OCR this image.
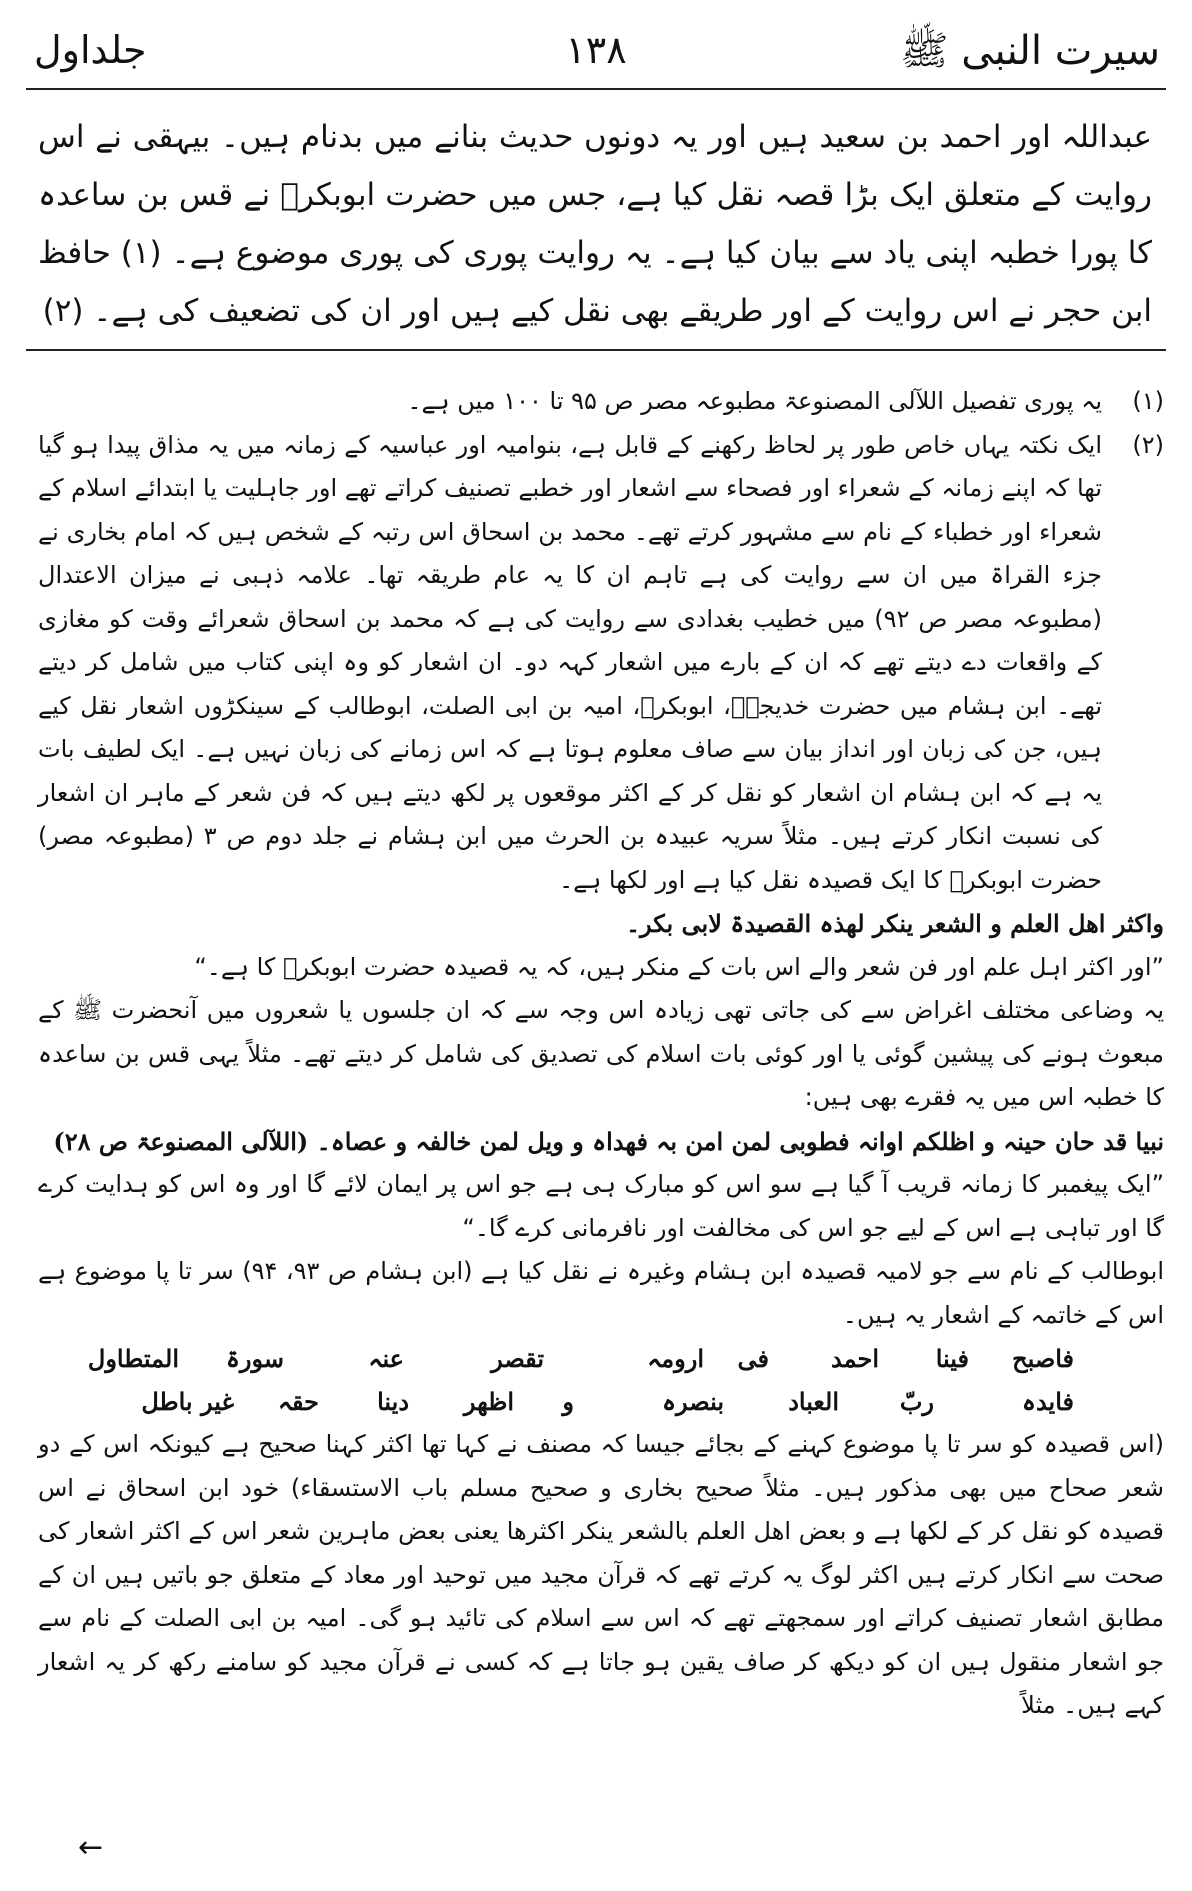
سیرت النبی ﷺ
۱۳۸
جلداول

عبداللہ اور احمد بن سعید ہیں اور یہ دونوں حدیث بنانے میں بدنام ہیں۔ بیہقی نے اس روایت کے متعلق ایک بڑا قصہ نقل کیا ہے، جس میں حضرت ابوبکرؓ نے قس بن ساعدہ کا پورا خطبہ اپنی یاد سے بیان کیا ہے۔ یہ روایت پوری کی پوری موضوع ہے۔ (۱) حافظ ابن حجر نے اس روایت کے اور طریقے بھی نقل کیے ہیں اور ان کی تضعیف کی ہے۔ (۲)

(۱)
یہ پوری تفصیل اللآلی المصنوعۃ مطبوعہ مصر ص ۹۵ تا ۱۰۰ میں ہے۔
(۲)
ایک نکتہ یہاں خاص طور پر لحاظ رکھنے کے قابل ہے، بنوامیہ اور عباسیہ کے زمانہ میں یہ مذاق پیدا ہو گیا تھا کہ اپنے زمانہ کے شعراء اور فصحاء سے اشعار اور خطبے تصنیف کراتے تھے اور جاہلیت یا ابتدائے اسلام کے شعراء اور خطباء کے نام سے مشہور کرتے تھے۔ محمد بن اسحاق اس رتبہ کے شخص ہیں کہ امام بخاری نے جزء القراۃ میں ان سے روایت کی ہے تاہم ان کا یہ عام طریقہ تھا۔ علامہ ذہبی نے میزان الاعتدال (مطبوعہ مصر ص ۹۲) میں خطیب بغدادی سے روایت کی ہے کہ محمد بن اسحاق شعرائے وقت کو مغازی کے واقعات دے دیتے تھے کہ ان کے بارے میں اشعار کہہ دو۔ ان اشعار کو وہ اپنی کتاب میں شامل کر دیتے تھے۔ ابن ہشام میں حضرت خدیجہؓ، ابوبکرؓ، امیہ بن ابی الصلت، ابوطالب کے سینکڑوں اشعار نقل کیے ہیں، جن کی زبان اور انداز بیان سے صاف معلوم ہوتا ہے کہ اس زمانے کی زبان نہیں ہے۔ ایک لطیف بات یہ ہے کہ ابن ہشام ان اشعار کو نقل کر کے اکثر موقعوں پر لکھ دیتے ہیں کہ فن شعر کے ماہر ان اشعار کی نسبت انکار کرتے ہیں۔ مثلاً سریہ عبیدہ بن الحرث میں ابن ہشام نے جلد دوم ص ۳ (مطبوعہ مصر) حضرت ابوبکرؓ کا ایک قصیدہ نقل کیا ہے اور لکھا ہے۔

واکثر اھل العلم و الشعر ینکر لھذہ القصیدۃ لابی بکر۔

”اور اکثر اہل علم اور فن شعر والے اس بات کے منکر ہیں، کہ یہ قصیدہ حضرت ابوبکرؓ کا ہے۔“

یہ وضاعی مختلف اغراض سے کی جاتی تھی زیادہ اس وجہ سے کہ ان جلسوں یا شعروں میں آنحضرت ﷺ کے مبعوث ہونے کی پیشین گوئی یا اور کوئی بات اسلام کی تصدیق کی شامل کر دیتے تھے۔ مثلاً یہی قس بن ساعدہ کا خطبہ اس میں یہ فقرے بھی ہیں:

نبیا قد حان حینہ و اظلکم اوانہ فطوبی لمن امن بہ فھداہ و ویل لمن خالفہ و عصاہ۔ (اللآلی المصنوعۃ ص ۲۸)

”ایک پیغمبر کا زمانہ قریب آ گیا ہے سو اس کو مبارک ہی ہے جو اس پر ایمان لائے گا اور وہ اس کو ہدایت کرے گا اور تباہی ہے اس کے لیے جو اس کی مخالفت اور نافرمانی کرے گا۔“

ابوطالب کے نام سے جو لامیہ قصیدہ ابن ہشام وغیرہ نے نقل کیا ہے (ابن ہشام ص ۹۳، ۹۴) سر تا پا موضوع ہے اس کے خاتمہ کے اشعار یہ ہیں۔

فاصبح
فینا
احمد
فی
ارومہ
تقصر
عنہ
سورۃ
المتطاول
فایدہ
ربّ
العباد
بنصرہ
و
اظھر
دینا
حقہ
غیر باطل

(اس قصیدہ کو سر تا پا موضوع کہنے کے بجائے جیسا کہ مصنف نے کہا تھا اکثر کہنا صحیح ہے کیونکہ اس کے دو شعر صحاح میں بھی مذکور ہیں۔ مثلاً صحیح بخاری و صحیح مسلم باب الاستسقاء) خود ابن اسحاق نے اس قصیدہ کو نقل کر کے لکھا ہے و بعض اھل العلم بالشعر ینکر اکثرھا یعنی بعض ماہرین شعر اس کے اکثر اشعار کی صحت سے انکار کرتے ہیں اکثر لوگ یہ کرتے تھے کہ قرآن مجید میں توحید اور معاد کے متعلق جو باتیں ہیں ان کے مطابق اشعار تصنیف کراتے اور سمجھتے تھے کہ اس سے اسلام کی تائید ہو گی۔ امیہ بن ابی الصلت کے نام سے جو اشعار منقول ہیں ان کو دیکھ کر صاف یقین ہو جاتا ہے کہ کسی نے قرآن مجید کو سامنے رکھ کر یہ اشعار کہے ہیں۔ مثلاً

←
